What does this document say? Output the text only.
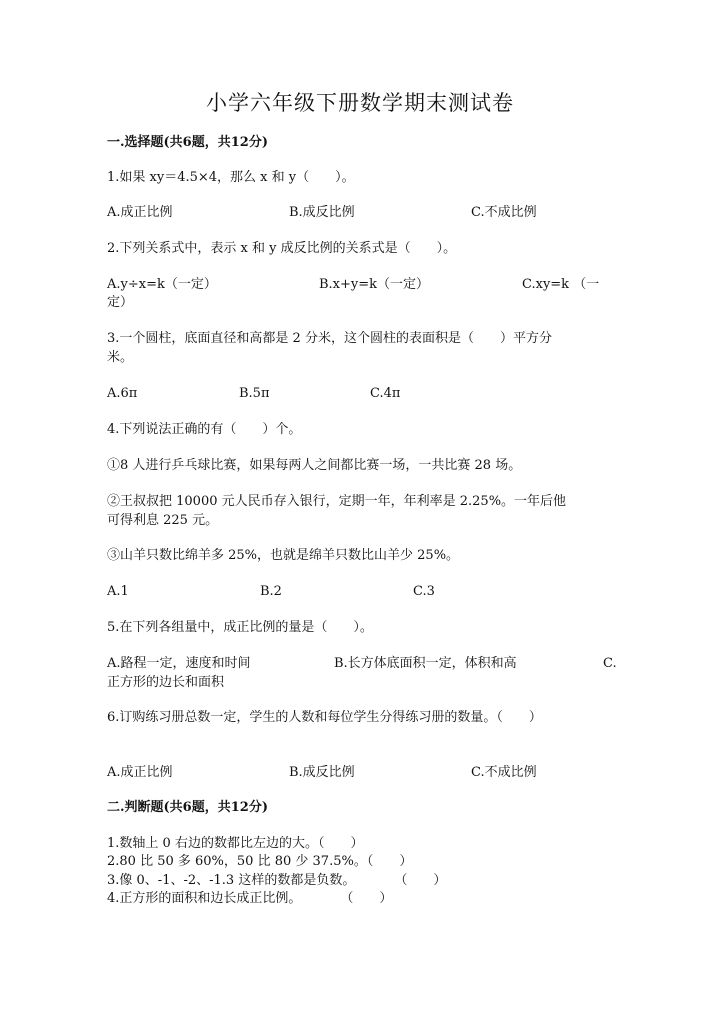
小学六年级下册数学期末测试卷
一.选择题(共6题，共12分)
1.如果 xy＝4.5×4，那么 x 和 y（　　）。
A.成正比例	B.成反比例	C.不成比例
2.下列关系式中，表示 x 和 y 成反比例的关系式是（　　）。
A.y÷x=k（一定）	B.x+y=k（一定）	C.xy=k （一
定）
3.一个圆柱，底面直径和高都是 2 分米，这个圆柱的表面积是（　　）平方分
米。
A.6π	B.5π	C.4π
4.下列说法正确的有（　　）个。
①8 人进行乒乓球比赛，如果每两人之间都比赛一场，一共比赛 28 场。
②王叔叔把 10000 元人民币存入银行，定期一年，年利率是 2.25%。一年后他
可得利息 225 元。
③山羊只数比绵羊多 25%，也就是绵羊只数比山羊少 25%。
A.1	B.2	C.3
5.在下列各组量中，成正比例的量是（　　）。
A.路程一定，速度和时间	B.长方体底面积一定，体积和高	C.
正方形的边长和面积
6.订购练习册总数一定，学生的人数和每位学生分得练习册的数量。（　　）
A.成正比例	B.成反比例	C.不成比例
二.判断题(共6题，共12分)
1.数轴上 0 右边的数都比左边的大。（　　）
2.80 比 50 多 60%，50 比 80 少 37.5%。（　　）
3.像 0、-1、-2、-1.3 这样的数都是负数。　　　　（　　）
4.正方形的面积和边长成正比例。　　　　（　　）
